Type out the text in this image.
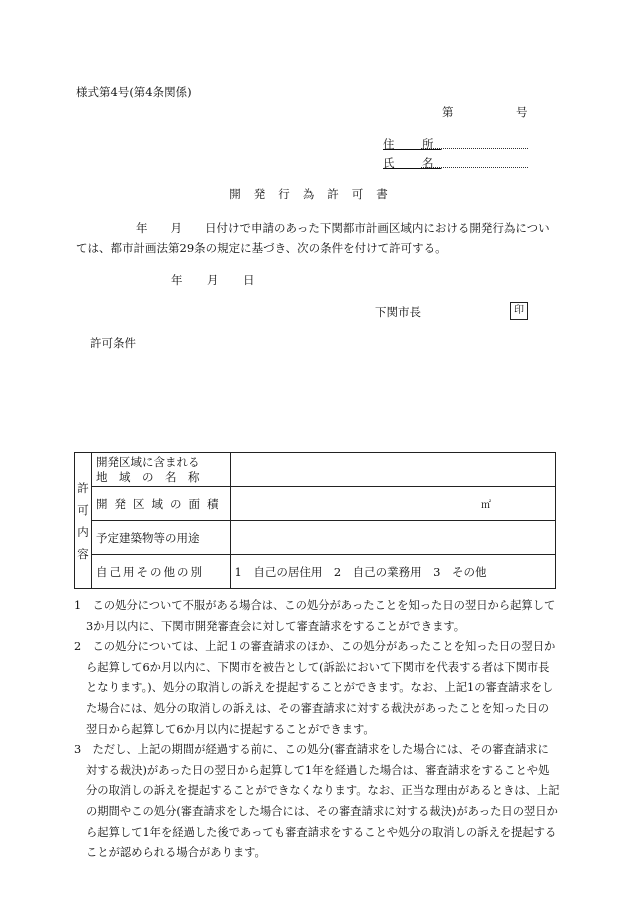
様式第4号(第4条関係)
第	号
住　所
氏　名
開発行為許可書
年　　月　　日付けで申請のあった下関都市計画区域内における開発行為については、都市計画法第29条の規定に基づき、次の条件を付けて許可する。
年 月 日
下関市長	印
許可条件
許
可
内
容	開発区域に含まれる
地　域　の　名　称	
	開発区域の面積	㎡
	予定建築物等の用途	
	自己用その他の別	1　自己の居住用　2　自己の業務用　3　その他

1　この処分について不服がある場合は、この処分があったことを知った日の翌日から起算して3か月以内に、下関市開発審査会に対して審査請求をすることができます。

2　この処分については、上記１の審査請求のほか、この処分があったことを知った日の翌日から起算して6か月以内に、下関市を被告として(訴訟において下関市を代表する者は下関市長となります。)、処分の取消しの訴えを提起することができます。なお、上記1の審査請求をした場合には、処分の取消しの訴えは、その審査請求に対する裁決があったことを知った日の翌日から起算して6か月以内に提起することができます。

3　ただし、上記の期間が経過する前に、この処分(審査請求をした場合には、その審査請求に対する裁決)があった日の翌日から起算して1年を経過した場合は、審査請求をすることや処分の取消しの訴えを提起することができなくなります。なお、正当な理由があるときは、上記の期間やこの処分(審査請求をした場合には、その審査請求に対する裁決)があった日の翌日から起算して1年を経過した後であっても審査請求をすることや処分の取消しの訴えを提起することが認められる場合があります。
